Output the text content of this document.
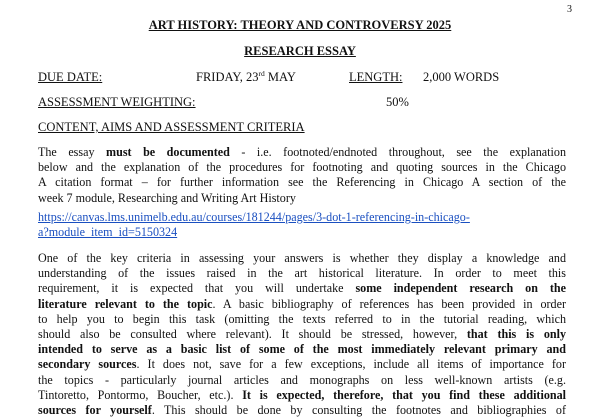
3
ART HISTORY: THEORY AND CONTROVERSY 2025
RESEARCH ESSAY
DUE DATE:	FRIDAY, 23rd MAY	LENGTH: 2,000 WORDS
ASSESSMENT WEIGHTING:	50%
CONTENT, AIMS AND ASSESSMENT CRITERIA
The essay must be documented - i.e. footnoted/endnoted throughout, see the explanation
below and the explanation of the procedures for footnoting and quoting sources in the Chicago
A citation format – for further information see the Referencing in Chicago A section of the
week 7 module, Researching and Writing Art History
https://canvas.lms.unimelb.edu.au/courses/181244/pages/3-dot-1-referencing-in-chicago-
a?module_item_id=5150324
One of the key criteria in assessing your answers is whether they display a knowledge and
understanding of the issues raised in the art historical literature. In order to meet this
requirement, it is expected that you will undertake some independent research on the
literature relevant to the topic. A basic bibliography of references has been provided in order
to help you to begin this task (omitting the texts referred to in the tutorial reading, which
should also be consulted where relevant). It should be stressed, however, that this is only
intended to serve as a basic list of some of the most immediately relevant primary and
secondary sources. It does not, save for a few exceptions, include all items of importance for
the topics - particularly journal articles and monographs on less well-known artists (e.g.
Tintoretto, Pontormo, Boucher, etc.). It is expected, therefore, that you find these additional
sources for yourself. This should be done by consulting the footnotes and bibliographies of
